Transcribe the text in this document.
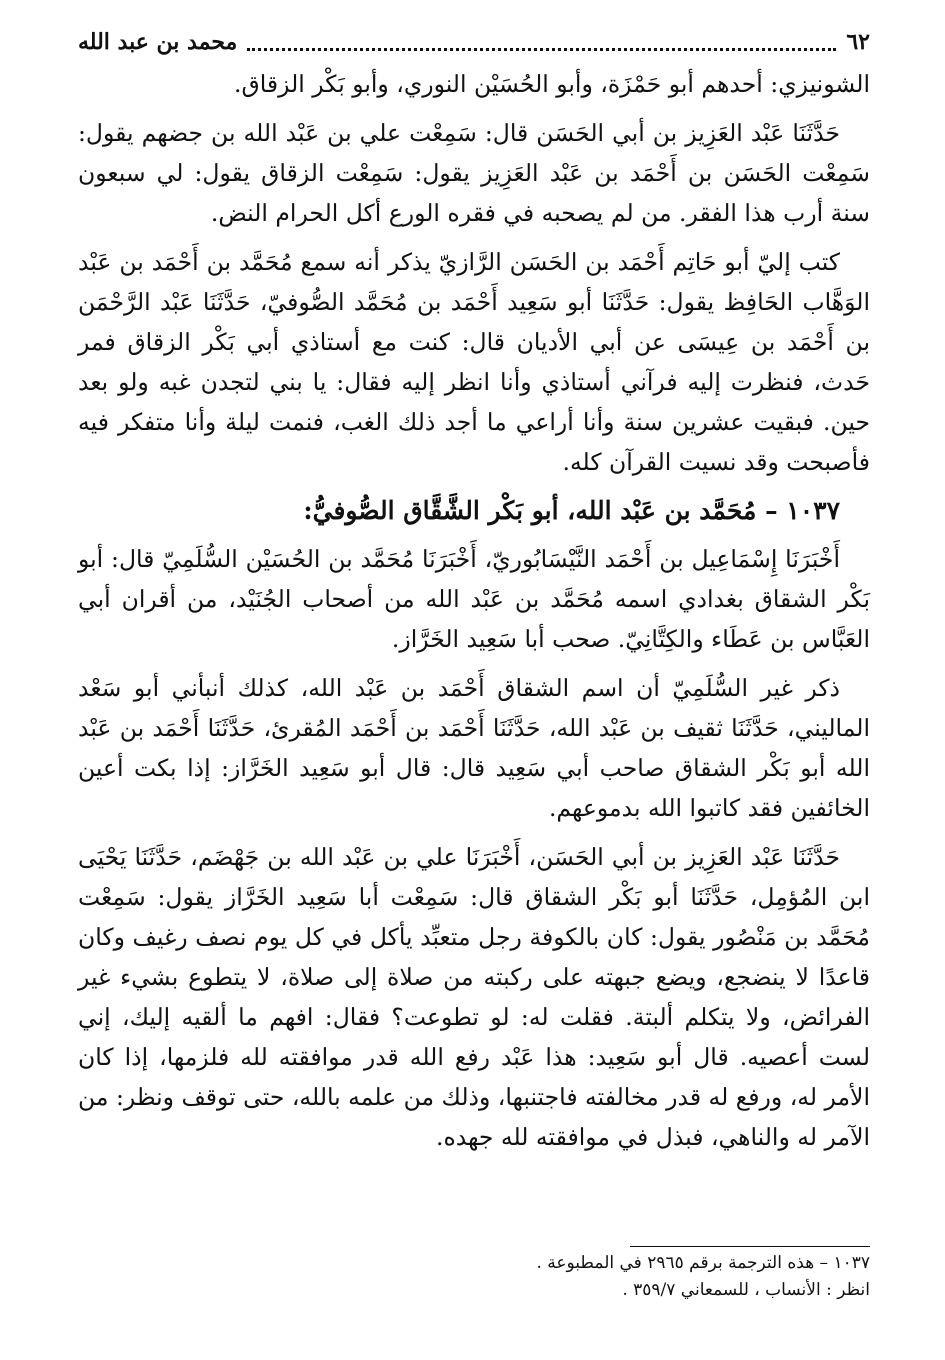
٦٢
محمد بن عبد الله

الشونيزي: أحدهم أبو حَمْزَة، وأبو الحُسَيْن النوري، وأبو بَكْر الزقاق.

حَدَّثَنَا عَبْد العَزِيز بن أبي الحَسَن قال: سَمِعْت علي بن عَبْد الله بن جضهم يقول: سَمِعْت الحَسَن بن أَحْمَد بن عَبْد العَزِيز يقول: سَمِعْت الزقاق يقول: لي سبعون سنة أرب هذا الفقر. من لم يصحبه في فقره الورع أكل الحرام النض.

كتب إليّ أبو حَاتِم أَحْمَد بن الحَسَن الرَّازيّ يذكر أنه سمع مُحَمَّد بن أَحْمَد بن عَبْد الوَهَّاب الحَافِظ يقول: حَدَّثَنَا أبو سَعِيد أَحْمَد بن مُحَمَّد الصُّوفيّ، حَدَّثَنَا عَبْد الرَّحْمَن بن أَحْمَد بن عِيسَى عن أبي الأديان قال: كنت مع أستاذي أبي بَكْر الزقاق فمر حَدث، فنظرت إليه فرآني أستاذي وأنا انظر إليه فقال: يا بني لتجدن غبه ولو بعد حين. فبقيت عشرين سنة وأنا أراعي ما أجد ذلك الغب، فنمت ليلة وأنا متفكر فيه فأصبحت وقد نسيت القرآن كله.

١٠٣٧ – مُحَمَّد بن عَبْد الله، أبو بَكْر الشَّقَّاق الصُّوفيُّ:

أَخْبَرَنَا إِسْمَاعِيل بن أَحْمَد النَّيْسَابُوريّ، أَخْبَرَنَا مُحَمَّد بن الحُسَيْن السُّلَمِيّ قال: أبو بَكْر الشقاق بغدادي اسمه مُحَمَّد بن عَبْد الله من أصحاب الجُنَيْد، من أقران أبي العَبَّاس بن عَطَاء والكِتَّانِيّ. صحب أبا سَعِيد الخَرَّاز.

ذكر غير السُّلَمِيّ أن اسم الشقاق أَحْمَد بن عَبْد الله، كذلك أنبأني أبو سَعْد الماليني، حَدَّثَنَا ثقيف بن عَبْد الله، حَدَّثَنَا أَحْمَد بن أَحْمَد المُقرئ، حَدَّثَنَا أَحْمَد بن عَبْد الله أبو بَكْر الشقاق صاحب أبي سَعِيد قال: قال أبو سَعِيد الخَرَّاز: إذا بكت أعين الخائفين فقد كاتبوا الله بدموعهم.

حَدَّثَنَا عَبْد العَزِيز بن أبي الحَسَن، أَخْبَرَنَا علي بن عَبْد الله بن جَهْضَم، حَدَّثَنَا يَحْيَى ابن المُؤمِل، حَدَّثَنَا أبو بَكْر الشقاق قال: سَمِعْت أبا سَعِيد الخَرَّاز يقول: سَمِعْت مُحَمَّد بن مَنْصُور يقول: كان بالكوفة رجل متعبِّد يأكل في كل يوم نصف رغيف وكان قاعدًا لا ينضجع، ويضع جبهته على ركبته من صلاة إلى صلاة، لا يتطوع بشيء غير الفرائض، ولا يتكلم ألبتة. فقلت له: لو تطوعت؟ فقال: افهم ما ألقيه إليك، إني لست أعصيه. قال أبو سَعِيد: هذا عَبْد رفع الله قدر موافقته لله فلزمها، إذا كان الأمر له، ورفع له قدر مخالفته فاجتنبها، وذلك من علمه بالله، حتى توقف ونظر: من الآمر له والناهي، فبذل في موافقته لله جهده.

١٠٣٧ – هذه الترجمة برقم ٢٩٦٥ في المطبوعة .
انظر : الأنساب ، للسمعاني ٣٥٩/٧ .
